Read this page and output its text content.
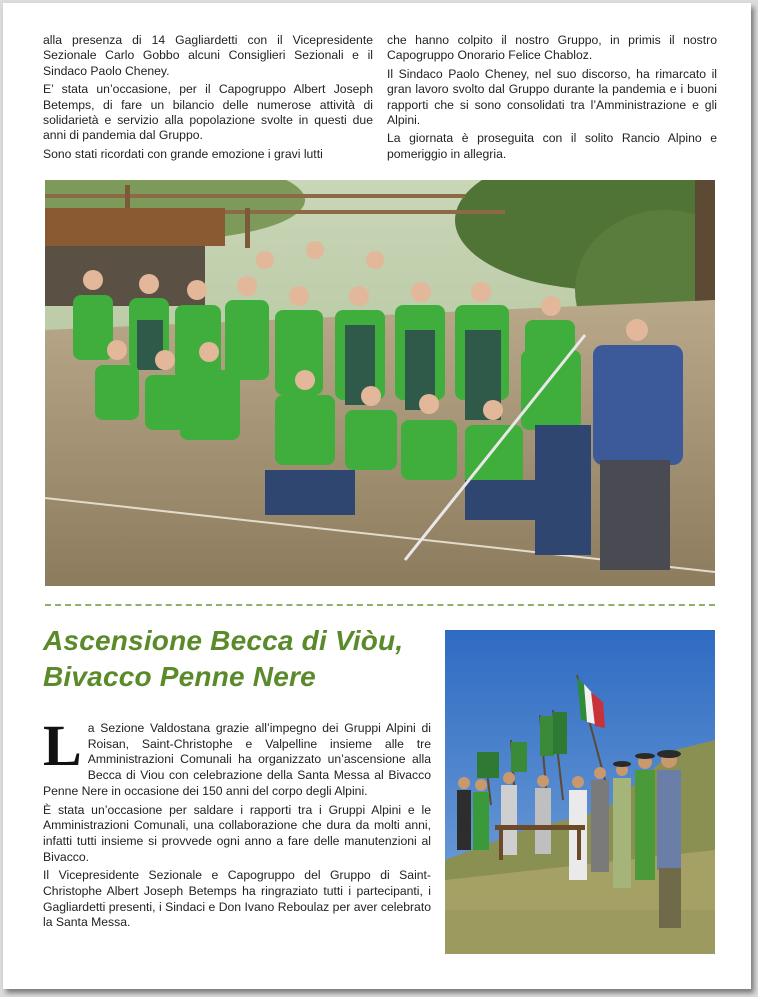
alla presenza di 14 Gagliardetti con il Vicepresidente Sezionale Carlo Gobbo alcuni Consiglieri Sezionali e il Sindaco Paolo Cheney.

E’ stata un’occasione, per il Capogruppo Albert Joseph Betemps, di fare un bilancio delle numerose attività di solidarietà e servizio alla popolazione svolte in questi due anni di pandemia dal Gruppo.

Sono stati ricordati con grande emozione i gravi lutti

che hanno colpito il nostro Gruppo, in primis il nostro Capogruppo Onorario Felice Chabloz.

Il Sindaco Paolo Cheney, nel suo discorso, ha rimarcato il gran lavoro svolto dal Gruppo durante la pandemia e i buoni rapporti che si sono consolidati tra l’Amministrazione e gli Alpini.

La giornata è proseguita con il solito Rancio Alpino e pomeriggio in allegria.

Ascensione Becca di Viòu,
Bivacco Penne Nere

La Sezione Valdostana grazie all’impegno dei Gruppi Alpini di Roisan, Saint-Christophe e Valpelline insieme alle tre Amministrazioni Comunali ha organizzato un’ascensione alla Becca di Viou con celebrazione della Santa Messa al Bivacco Penne Nere in occasione dei 150 anni del corpo degli Alpini.

È stata un’occasione per saldare i rapporti tra i Gruppi Alpini e le Amministrazioni Comunali, una collaborazione che dura da molti anni, infatti tutti insieme si provvede ogni anno a fare delle manutenzioni al Bivacco.

Il Vicepresidente Sezionale e Capogruppo del Gruppo di Saint-Christophe Albert Joseph Betemps ha ringraziato tutti i partecipanti, i Gagliardetti presenti, i Sindaci e Don Ivano Reboulaz per aver celebrato la Santa Messa.
